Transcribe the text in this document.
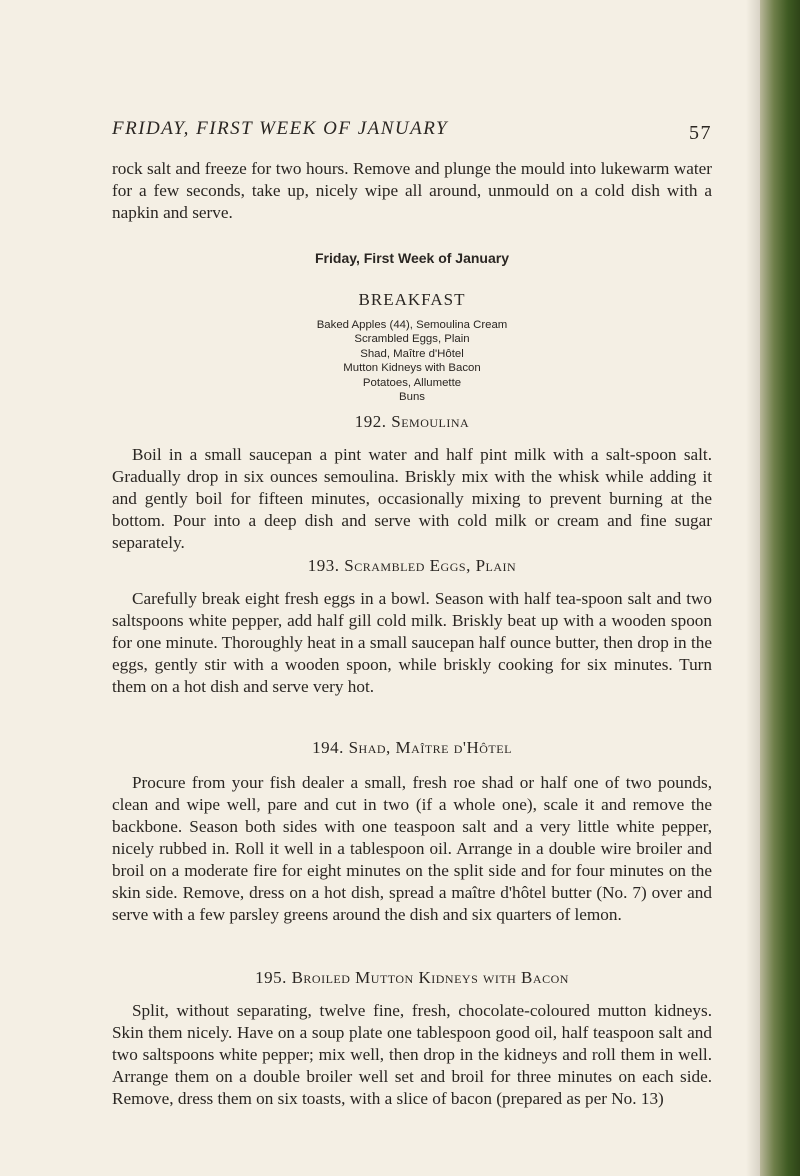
FRIDAY, FIRST WEEK OF JANUARY	57

rock salt and freeze for two hours. Remove and plunge the mould into lukewarm water for a few seconds, take up, nicely wipe all around, unmould on a cold dish with a napkin and serve.

Friday, First Week of January
BREAKFAST
Baked Apples (44), Semoulina Cream
Scrambled Eggs, Plain
Shad, Maître d'Hôtel
Mutton Kidneys with Bacon
Potatoes, Allumette
Buns
192. Semoulina

Boil in a small saucepan a pint water and half pint milk with a salt-spoon salt. Gradually drop in six ounces semoulina. Briskly mix with the whisk while adding it and gently boil for fifteen minutes, occasionally mixing to prevent burning at the bottom. Pour into a deep dish and serve with cold milk or cream and fine sugar separately.

193. Scrambled Eggs, Plain

Carefully break eight fresh eggs in a bowl. Season with half tea-spoon salt and two saltspoons white pepper, add half gill cold milk. Briskly beat up with a wooden spoon for one minute. Thoroughly heat in a small saucepan half ounce butter, then drop in the eggs, gently stir with a wooden spoon, while briskly cooking for six minutes. Turn them on a hot dish and serve very hot.

194. Shad, Maître d'Hôtel

Procure from your fish dealer a small, fresh roe shad or half one of two pounds, clean and wipe well, pare and cut in two (if a whole one), scale it and remove the backbone. Season both sides with one teaspoon salt and a very little white pepper, nicely rubbed in. Roll it well in a tablespoon oil. Arrange in a double wire broiler and broil on a moderate fire for eight minutes on the split side and for four minutes on the skin side. Remove, dress on a hot dish, spread a maître d'hôtel butter (No. 7) over and serve with a few parsley greens around the dish and six quarters of lemon.

195. Broiled Mutton Kidneys with Bacon

Split, without separating, twelve fine, fresh, chocolate-coloured mutton kidneys. Skin them nicely. Have on a soup plate one tablespoon good oil, half teaspoon salt and two saltspoons white pepper; mix well, then drop in the kidneys and roll them in well. Arrange them on a double broiler well set and broil for three minutes on each side. Remove, dress them on six toasts, with a slice of bacon (prepared as per No. 13)
